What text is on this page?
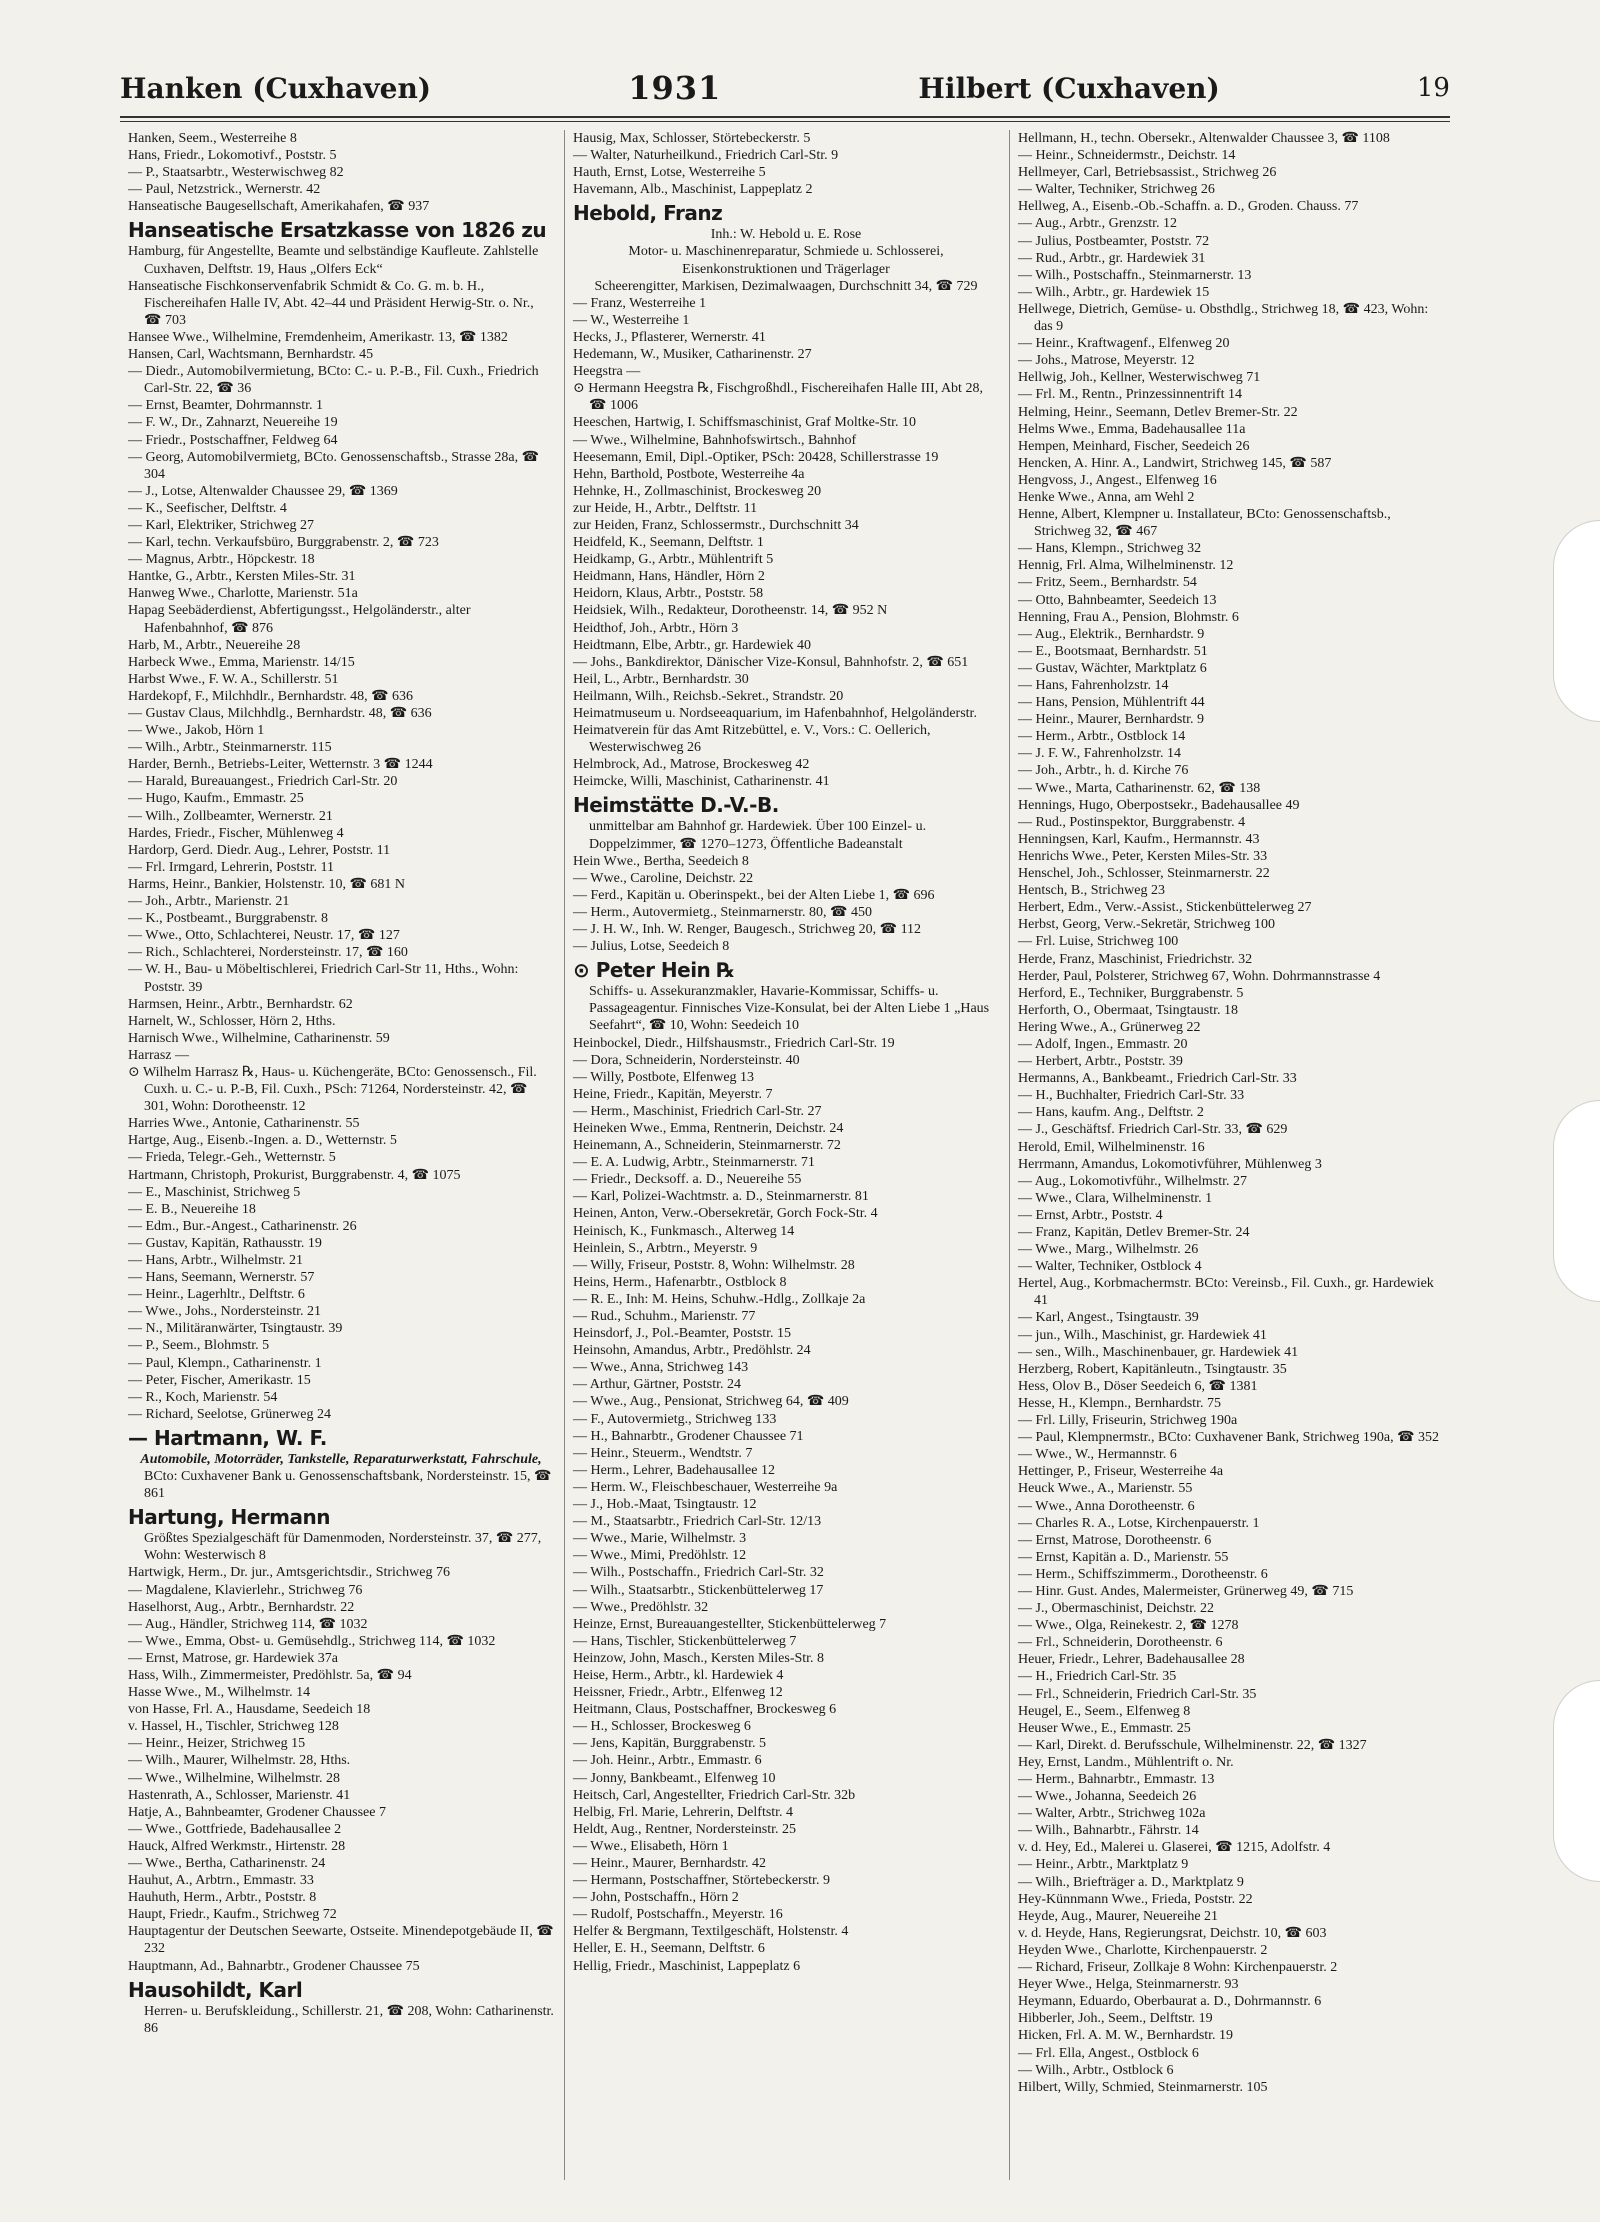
Hanken (Cuxhaven)	1931	Hilbert (Cuxhaven)	19
Hanken, Seem., Westerreihe 8
Hans, Friedr., Lokomotivf., Poststr. 5
— P., Staatsarbtr., Westerwischweg 82
— Paul, Netzstrick., Wernerstr. 42
Hanseatische Baugesellschaft, Amerikahafen, ☎ 937
Hanseatische Ersatzkasse von 1826 zu
Hamburg, für Angestellte, Beamte und selbständige Kaufleute. Zahlstelle Cuxhaven, Delftstr. 19, Haus „Olfers Eck“
Hanseatische Fischkonservenfabrik Schmidt & Co. G. m. b. H., Fischereihafen Halle IV, Abt. 42–44 und Präsident Herwig-Str. o. Nr., ☎ 703
Hansee Wwe., Wilhelmine, Fremdenheim, Amerikastr. 13, ☎ 1382
Hansen, Carl, Wachtsmann, Bernhardstr. 45
— Diedr., Automobilvermietung, BCto: C.- u. P.-B., Fil. Cuxh., Friedrich Carl-Str. 22, ☎ 36
— Ernst, Beamter, Dohrmannstr. 1
— F. W., Dr., Zahnarzt, Neuereihe 19
— Friedr., Postschaffner, Feldweg 64
— Georg, Automobilvermietg, BCto. Genossenschaftsb., Strasse 28a, ☎ 304
— J., Lotse, Altenwalder Chaussee 29, ☎ 1369
— K., Seefischer, Delftstr. 4
— Karl, Elektriker, Strichweg 27
— Karl, techn. Verkaufsbüro, Burggrabenstr. 2, ☎ 723
— Magnus, Arbtr., Höpckestr. 18
Hantke, G., Arbtr., Kersten Miles-Str. 31
Hanweg Wwe., Charlotte, Marienstr. 51a
Hapag Seebäderdienst, Abfertigungsst., Helgoländerstr., alter Hafenbahnhof, ☎ 876
Harb, M., Arbtr., Neuereihe 28
Harbeck Wwe., Emma, Marienstr. 14/15
Harbst Wwe., F. W. A., Schillerstr. 51
Hardekopf, F., Milchhdlr., Bernhardstr. 48, ☎ 636
— Gustav Claus, Milchhdlg., Bernhardstr. 48, ☎ 636
— Wwe., Jakob, Hörn 1
— Wilh., Arbtr., Steinmarnerstr. 115
Harder, Bernh., Betriebs-Leiter, Wetternstr. 3 ☎ 1244
— Harald, Bureauangest., Friedrich Carl-Str. 20
— Hugo, Kaufm., Emmastr. 25
— Wilh., Zollbeamter, Wernerstr. 21
Hardes, Friedr., Fischer, Mühlenweg 4
Hardorp, Gerd. Diedr. Aug., Lehrer, Poststr. 11
— Frl. Irmgard, Lehrerin, Poststr. 11
Harms, Heinr., Bankier, Holstenstr. 10, ☎ 681 N
— Joh., Arbtr., Marienstr. 21
— K., Postbeamt., Burggrabenstr. 8
— Wwe., Otto, Schlachterei, Neustr. 17, ☎ 127
— Rich., Schlachterei, Nordersteinstr. 17, ☎ 160
— W. H., Bau- u Möbeltischlerei, Friedrich Carl-Str 11, Hths., Wohn: Poststr. 39
Harmsen, Heinr., Arbtr., Bernhardstr. 62
Harnelt, W., Schlosser, Hörn 2, Hths.
Harnisch Wwe., Wilhelmine, Catharinenstr. 59
Harrasz —
⊙ Wilhelm Harrasz ℞, Haus- u. Küchengeräte, BCto: Genossensch., Fil. Cuxh. u. C.- u. P.-B, Fil. Cuxh., PSch: 71264, Nordersteinstr. 42, ☎ 301, Wohn: Dorotheenstr. 12
Harries Wwe., Antonie, Catharinenstr. 55
Hartge, Aug., Eisenb.-Ingen. a. D., Wetternstr. 5
— Frieda, Telegr.-Geh., Wetternstr. 5
Hartmann, Christoph, Prokurist, Burggrabenstr. 4, ☎ 1075
— E., Maschinist, Strichweg 5
— E. B., Neuereihe 18
— Edm., Bur.-Angest., Catharinenstr. 26
— Gustav, Kapitän, Rathausstr. 19
— Hans, Arbtr., Wilhelmstr. 21
— Hans, Seemann, Wernerstr. 57
— Heinr., Lagerhltr., Delftstr. 6
— Wwe., Johs., Nordersteinstr. 21
— N., Militäranwärter, Tsingtaustr. 39
— P., Seem., Blohmstr. 5
— Paul, Klempn., Catharinenstr. 1
— Peter, Fischer, Amerikastr. 15
— R., Koch, Marienstr. 54
— Richard, Seelotse, Grünerweg 24
— Hartmann, W. F.
Automobile, Motorräder, Tankstelle, Reparaturwerkstatt, Fahrschule,
BCto: Cuxhavener Bank u. Genossenschaftsbank, Nordersteinstr. 15, ☎ 861
Hartung, Hermann
Größtes Spezialgeschäft für Damenmoden, Nordersteinstr. 37, ☎ 277, Wohn: Westerwisch 8
Hartwigk, Herm., Dr. jur., Amtsgerichtsdir., Strichweg 76
— Magdalene, Klavierlehr., Strichweg 76
Haselhorst, Aug., Arbtr., Bernhardstr. 22
— Aug., Händler, Strichweg 114, ☎ 1032
— Wwe., Emma, Obst- u. Gemüsehdlg., Strichweg 114, ☎ 1032
— Ernst, Matrose, gr. Hardewiek 37a
Hass, Wilh., Zimmermeister, Predöhlstr. 5a, ☎ 94
Hasse Wwe., M., Wilhelmstr. 14
von Hasse, Frl. A., Hausdame, Seedeich 18
v. Hassel, H., Tischler, Strichweg 128
— Heinr., Heizer, Strichweg 15
— Wilh., Maurer, Wilhelmstr. 28, Hths.
— Wwe., Wilhelmine, Wilhelmstr. 28
Hastenrath, A., Schlosser, Marienstr. 41
Hatje, A., Bahnbeamter, Grodener Chaussee 7
— Wwe., Gottfriede, Badehausallee 2
Hauck, Alfred Werkmstr., Hirtenstr. 28
— Wwe., Bertha, Catharinenstr. 24
Hauhut, A., Arbtrn., Emmastr. 33
Hauhuth, Herm., Arbtr., Poststr. 8
Haupt, Friedr., Kaufm., Strichweg 72
Hauptagentur der Deutschen Seewarte, Ostseite. Minendepotgebäude II, ☎ 232
Hauptmann, Ad., Bahnarbtr., Grodener Chaussee 75
Hausohildt, Karl
Herren- u. Berufskleidung., Schillerstr. 21, ☎ 208, Wohn: Catharinenstr. 86
Hausig, Max, Schlosser, Störtebeckerstr. 5
— Walter, Naturheilkund., Friedrich Carl-Str. 9
Hauth, Ernst, Lotse, Westerreihe 5
Havemann, Alb., Maschinist, Lappeplatz 2
Hebold, Franz
Inh.: W. Hebold u. E. Rose
Motor- u. Maschinenreparatur, Schmiede u. Schlosserei, Eisenkonstruktionen und Trägerlager
Scheerengitter, Markisen, Dezimalwaagen, Durchschnitt 34, ☎ 729
— Franz, Westerreihe 1
— W., Westerreihe 1
Hecks, J., Pflasterer, Wernerstr. 41
Hedemann, W., Musiker, Catharinenstr. 27
Heegstra —
⊙ Hermann Heegstra ℞, Fischgroßhdl., Fischereihafen Halle III, Abt 28, ☎ 1006
Heeschen, Hartwig, I. Schiffsmaschinist, Graf Moltke-Str. 10
— Wwe., Wilhelmine, Bahnhofswirtsch., Bahnhof
Heesemann, Emil, Dipl.-Optiker, PSch: 20428, Schillerstrasse 19
Hehn, Barthold, Postbote, Westerreihe 4a
Hehnke, H., Zollmaschinist, Brockesweg 20
zur Heide, H., Arbtr., Delftstr. 11
zur Heiden, Franz, Schlossermstr., Durchschnitt 34
Heidfeld, K., Seemann, Delftstr. 1
Heidkamp, G., Arbtr., Mühlentrift 5
Heidmann, Hans, Händler, Hörn 2
Heidorn, Klaus, Arbtr., Poststr. 58
Heidsiek, Wilh., Redakteur, Dorotheenstr. 14, ☎ 952 N
Heidthof, Joh., Arbtr., Hörn 3
Heidtmann, Elbe, Arbtr., gr. Hardewiek 40
— Johs., Bankdirektor, Dänischer Vize-Konsul, Bahnhofstr. 2, ☎ 651
Heil, L., Arbtr., Bernhardstr. 30
Heilmann, Wilh., Reichsb.-Sekret., Strandstr. 20
Heimatmuseum u. Nordseeaquarium, im Hafenbahnhof, Helgoländerstr.
Heimatverein für das Amt Ritzebüttel, e. V., Vors.: C. Oellerich, Westerwischweg 26
Helmbrock, Ad., Matrose, Brockesweg 42
Heimcke, Willi, Maschinist, Catharinenstr. 41
Heimstätte D.-V.-B.
unmittelbar am Bahnhof gr. Hardewiek. Über 100 Einzel- u. Doppelzimmer, ☎ 1270–1273, Öffentliche Badeanstalt
Hein Wwe., Bertha, Seedeich 8
— Wwe., Caroline, Deichstr. 22
— Ferd., Kapitän u. Oberinspekt., bei der Alten Liebe 1, ☎ 696
— Herm., Autovermietg., Steinmarnerstr. 80, ☎ 450
— J. H. W., Inh. W. Renger, Baugesch., Strichweg 20, ☎ 112
— Julius, Lotse, Seedeich 8
⊙ Peter Hein ℞
Schiffs- u. Assekuranzmakler, Havarie-Kommissar, Schiffs- u. Passageagentur. Finnisches Vize-Konsulat, bei der Alten Liebe 1 „Haus Seefahrt“, ☎ 10, Wohn: Seedeich 10
Heinbockel, Diedr., Hilfshausmstr., Friedrich Carl-Str. 19
— Dora, Schneiderin, Nordersteinstr. 40
— Willy, Postbote, Elfenweg 13
Heine, Friedr., Kapitän, Meyerstr. 7
— Herm., Maschinist, Friedrich Carl-Str. 27
Heineken Wwe., Emma, Rentnerin, Deichstr. 24
Heinemann, A., Schneiderin, Steinmarnerstr. 72
— E. A. Ludwig, Arbtr., Steinmarnerstr. 71
— Friedr., Decksoff. a. D., Neuereihe 55
— Karl, Polizei-Wachtmstr. a. D., Steinmarnerstr. 81
Heinen, Anton, Verw.-Obersekretär, Gorch Fock-Str. 4
Heinisch, K., Funkmasch., Alterweg 14
Heinlein, S., Arbtrn., Meyerstr. 9
— Willy, Friseur, Poststr. 8, Wohn: Wilhelmstr. 28
Heins, Herm., Hafenarbtr., Ostblock 8
— R. E., Inh: M. Heins, Schuhw.-Hdlg., Zollkaje 2a
— Rud., Schuhm., Marienstr. 77
Heinsdorf, J., Pol.-Beamter, Poststr. 15
Heinsohn, Amandus, Arbtr., Predöhlstr. 24
— Wwe., Anna, Strichweg 143
— Arthur, Gärtner, Poststr. 24
— Wwe., Aug., Pensionat, Strichweg 64, ☎ 409
— F., Autovermietg., Strichweg 133
— H., Bahnarbtr., Grodener Chaussee 71
— Heinr., Steuerm., Wendtstr. 7
— Herm., Lehrer, Badehausallee 12
— Herm. W., Fleischbeschauer, Westerreihe 9a
— J., Hob.-Maat, Tsingtaustr. 12
— M., Staatsarbtr., Friedrich Carl-Str. 12/13
— Wwe., Marie, Wilhelmstr. 3
— Wwe., Mimi, Predöhlstr. 12
— Wilh., Postschaffn., Friedrich Carl-Str. 32
— Wilh., Staatsarbtr., Stickenbüttelerweg 17
— Wwe., Predöhlstr. 32
Heinze, Ernst, Bureauangestellter, Stickenbüttelerweg 7
— Hans, Tischler, Stickenbüttelerweg 7
Heinzow, John, Masch., Kersten Miles-Str. 8
Heise, Herm., Arbtr., kl. Hardewiek 4
Heissner, Friedr., Arbtr., Elfenweg 12
Heitmann, Claus, Postschaffner, Brockesweg 6
— H., Schlosser, Brockesweg 6
— Jens, Kapitän, Burggrabenstr. 5
— Joh. Heinr., Arbtr., Emmastr. 6
— Jonny, Bankbeamt., Elfenweg 10
Heitsch, Carl, Angestellter, Friedrich Carl-Str. 32b
Helbig, Frl. Marie, Lehrerin, Delftstr. 4
Heldt, Aug., Rentner, Nordersteinstr. 25
— Wwe., Elisabeth, Hörn 1
— Heinr., Maurer, Bernhardstr. 42
— Hermann, Postschaffner, Störtebeckerstr. 9
— John, Postschaffn., Hörn 2
— Rudolf, Postschaffn., Meyerstr. 16
Helfer & Bergmann, Textilgeschäft, Holstenstr. 4
Heller, E. H., Seemann, Delftstr. 6
Hellig, Friedr., Maschinist, Lappeplatz 6
Hellmann, H., techn. Obersekr., Altenwalder Chaussee 3, ☎ 1108
— Heinr., Schneidermstr., Deichstr. 14
Hellmeyer, Carl, Betriebsassist., Strichweg 26
— Walter, Techniker, Strichweg 26
Hellweg, A., Eisenb.-Ob.-Schaffn. a. D., Groden. Chauss. 77
— Aug., Arbtr., Grenzstr. 12
— Julius, Postbeamter, Poststr. 72
— Rud., Arbtr., gr. Hardewiek 31
— Wilh., Postschaffn., Steinmarnerstr. 13
— Wilh., Arbtr., gr. Hardewiek 15
Hellwege, Dietrich, Gemüse- u. Obsthdlg., Strichweg 18, ☎ 423, Wohn: das 9
— Heinr., Kraftwagenf., Elfenweg 20
— Johs., Matrose, Meyerstr. 12
Hellwig, Joh., Kellner, Westerwischweg 71
— Frl. M., Rentn., Prinzessinnentrift 14
Helming, Heinr., Seemann, Detlev Bremer-Str. 22
Helms Wwe., Emma, Badehausallee 11a
Hempen, Meinhard, Fischer, Seedeich 26
Hencken, A. Hinr. A., Landwirt, Strichweg 145, ☎ 587
Hengvoss, J., Angest., Elfenweg 16
Henke Wwe., Anna, am Wehl 2
Henne, Albert, Klempner u. Installateur, BCto: Genossenschaftsb., Strichweg 32, ☎ 467
— Hans, Klempn., Strichweg 32
Hennig, Frl. Alma, Wilhelminenstr. 12
— Fritz, Seem., Bernhardstr. 54
— Otto, Bahnbeamter, Seedeich 13
Henning, Frau A., Pension, Blohmstr. 6
— Aug., Elektrik., Bernhardstr. 9
— E., Bootsmaat, Bernhardstr. 51
— Gustav, Wächter, Marktplatz 6
— Hans, Fahrenholzstr. 14
— Hans, Pension, Mühlentrift 44
— Heinr., Maurer, Bernhardstr. 9
— Herm., Arbtr., Ostblock 14
— J. F. W., Fahrenholzstr. 14
— Joh., Arbtr., h. d. Kirche 76
— Wwe., Marta, Catharinenstr. 62, ☎ 138
Hennings, Hugo, Oberpostsekr., Badehausallee 49
— Rud., Postinspektor, Burggrabenstr. 4
Henningsen, Karl, Kaufm., Hermannstr. 43
Henrichs Wwe., Peter, Kersten Miles-Str. 33
Henschel, Joh., Schlosser, Steinmarnerstr. 22
Hentsch, B., Strichweg 23
Herbert, Edm., Verw.-Assist., Stickenbüttelerweg 27
Herbst, Georg, Verw.-Sekretär, Strichweg 100
— Frl. Luise, Strichweg 100
Herde, Franz, Maschinist, Friedrichstr. 32
Herder, Paul, Polsterer, Strichweg 67, Wohn. Dohrmannstrasse 4
Herford, E., Techniker, Burggrabenstr. 5
Herforth, O., Obermaat, Tsingtaustr. 18
Hering Wwe., A., Grünerweg 22
— Adolf, Ingen., Emmastr. 20
— Herbert, Arbtr., Poststr. 39
Hermanns, A., Bankbeamt., Friedrich Carl-Str. 33
— H., Buchhalter, Friedrich Carl-Str. 33
— Hans, kaufm. Ang., Delftstr. 2
— J., Geschäftsf. Friedrich Carl-Str. 33, ☎ 629
Herold, Emil, Wilhelminenstr. 16
Herrmann, Amandus, Lokomotivführer, Mühlenweg 3
— Aug., Lokomotivführ., Wilhelmstr. 27
— Wwe., Clara, Wilhelminenstr. 1
— Ernst, Arbtr., Poststr. 4
— Franz, Kapitän, Detlev Bremer-Str. 24
— Wwe., Marg., Wilhelmstr. 26
— Walter, Techniker, Ostblock 4
Hertel, Aug., Korbmachermstr. BCto: Vereinsb., Fil. Cuxh., gr. Hardewiek 41
— Karl, Angest., Tsingtaustr. 39
— jun., Wilh., Maschinist, gr. Hardewiek 41
— sen., Wilh., Maschinenbauer, gr. Hardewiek 41
Herzberg, Robert, Kapitänleutn., Tsingtaustr. 35
Hess, Olov B., Döser Seedeich 6, ☎ 1381
Hesse, H., Klempn., Bernhardstr. 75
— Frl. Lilly, Friseurin, Strichweg 190a
— Paul, Klempnermstr., BCto: Cuxhavener Bank, Strichweg 190a, ☎ 352
— Wwe., W., Hermannstr. 6
Hettinger, P., Friseur, Westerreihe 4a
Heuck Wwe., A., Marienstr. 55
— Wwe., Anna Dorotheenstr. 6
— Charles R. A., Lotse, Kirchenpauerstr. 1
— Ernst, Matrose, Dorotheenstr. 6
— Ernst, Kapitän a. D., Marienstr. 55
— Herm., Schiffszimmerm., Dorotheenstr. 6
— Hinr. Gust. Andes, Malermeister, Grünerweg 49, ☎ 715
— J., Obermaschinist, Deichstr. 22
— Wwe., Olga, Reinekestr. 2, ☎ 1278
— Frl., Schneiderin, Dorotheenstr. 6
Heuer, Friedr., Lehrer, Badehausallee 28
— H., Friedrich Carl-Str. 35
— Frl., Schneiderin, Friedrich Carl-Str. 35
Heugel, E., Seem., Elfenweg 8
Heuser Wwe., E., Emmastr. 25
— Karl, Direkt. d. Berufsschule, Wilhelminenstr. 22, ☎ 1327
Hey, Ernst, Landm., Mühlentrift o. Nr.
— Herm., Bahnarbtr., Emmastr. 13
— Wwe., Johanna, Seedeich 26
— Walter, Arbtr., Strichweg 102a
— Wilh., Bahnarbtr., Fährstr. 14
v. d. Hey, Ed., Malerei u. Glaserei, ☎ 1215, Adolfstr. 4
— Heinr., Arbtr., Marktplatz 9
— Wilh., Briefträger a. D., Marktplatz 9
Hey-Künnmann Wwe., Frieda, Poststr. 22
Heyde, Aug., Maurer, Neuereihe 21
v. d. Heyde, Hans, Regierungsrat, Deichstr. 10, ☎ 603
Heyden Wwe., Charlotte, Kirchenpauerstr. 2
— Richard, Friseur, Zollkaje 8 Wohn: Kirchenpauerstr. 2
Heyer Wwe., Helga, Steinmarnerstr. 93
Heymann, Eduardo, Oberbaurat a. D., Dohrmannstr. 6
Hibberler, Joh., Seem., Delftstr. 19
Hicken, Frl. A. M. W., Bernhardstr. 19
— Frl. Ella, Angest., Ostblock 6
— Wilh., Arbtr., Ostblock 6
Hilbert, Willy, Schmied, Steinmarnerstr. 105
